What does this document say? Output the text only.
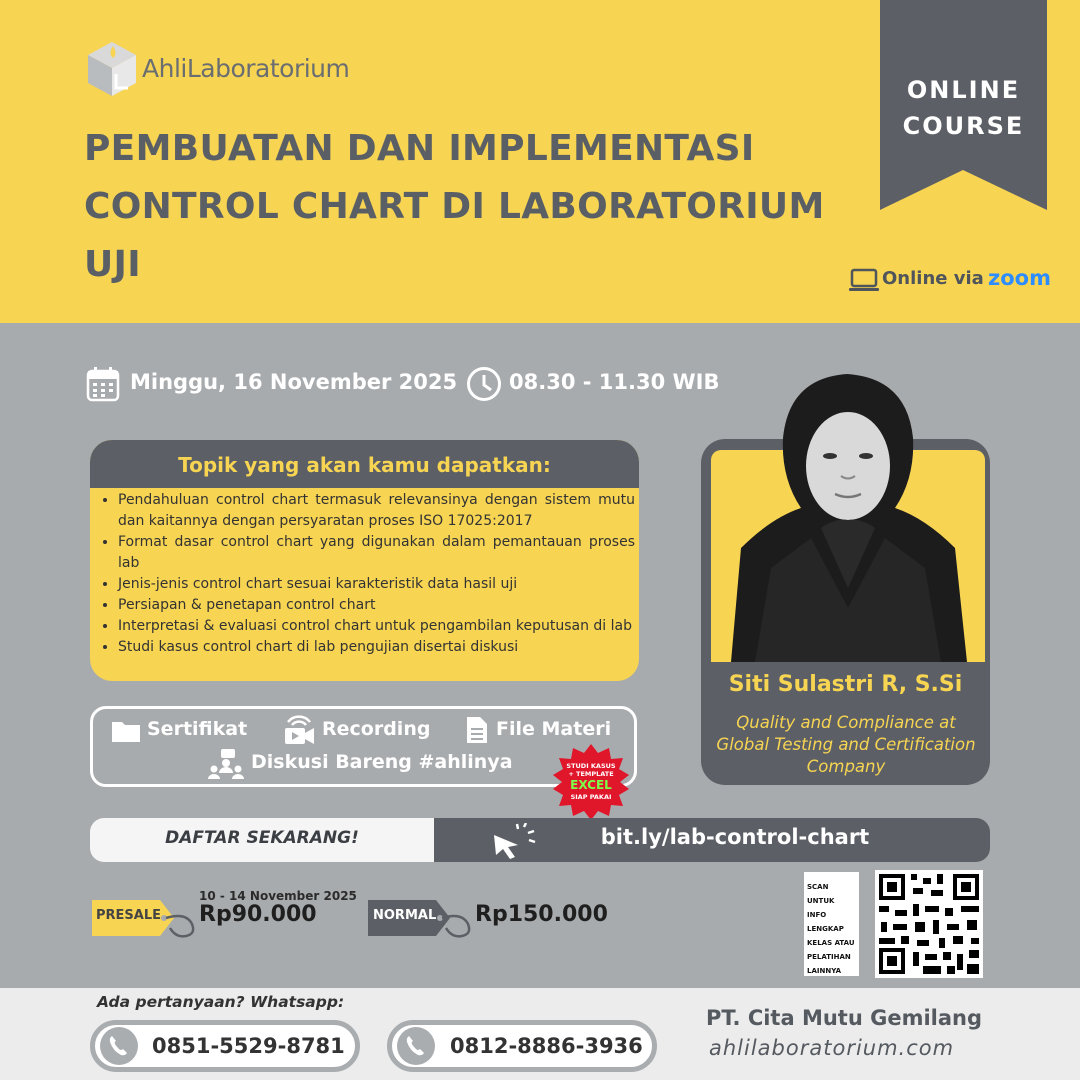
AhliLaboratorium
PEMBUATAN DAN IMPLEMENTASI
CONTROL CHART DI LABORATORIUM UJI
ONLINE
COURSE
Online via zoom
Minggu, 16 November 2025 08.30 - 11.30 WIB
Topik yang akan kamu dapatkan:
• Pendahuluan control chart termasuk relevansinya dengan sistem mutu dan kaitannya dengan persyaratan proses ISO 17025:2017
• Format dasar control chart yang digunakan dalam pemantauan proses lab
• Jenis-jenis control chart sesuai karakteristik data hasil uji
• Persiapan & penetapan control chart
• Interpretasi & evaluasi control chart untuk pengambilan keputusan di lab
• Studi kasus control chart di lab pengujian disertai diskusi
Sertifikat	Recording	File Materi
Diskusi Bareng #ahlinya	STUDI KASUS
+ TEMPLATE
EXCEL
SIAP PAKAI
Siti Sulastri R, S.Si
Quality and Compliance at Global Testing and Certification Company
DAFTAR SEKARANG!	bit.ly/lab-control-chart
PRESALE
10 - 14 November 2025
Rp90.000	NORMAL Rp150.000
SCAN
UNTUK
INFO
LENGKAP
KELAS ATAU
PELATIHAN
LAINNYA
Ada pertanyaan? Whatsapp:
0851-5529-8781	0812-8886-3936
PT. Cita Mutu Gemilang
ahlilaboratorium.com
